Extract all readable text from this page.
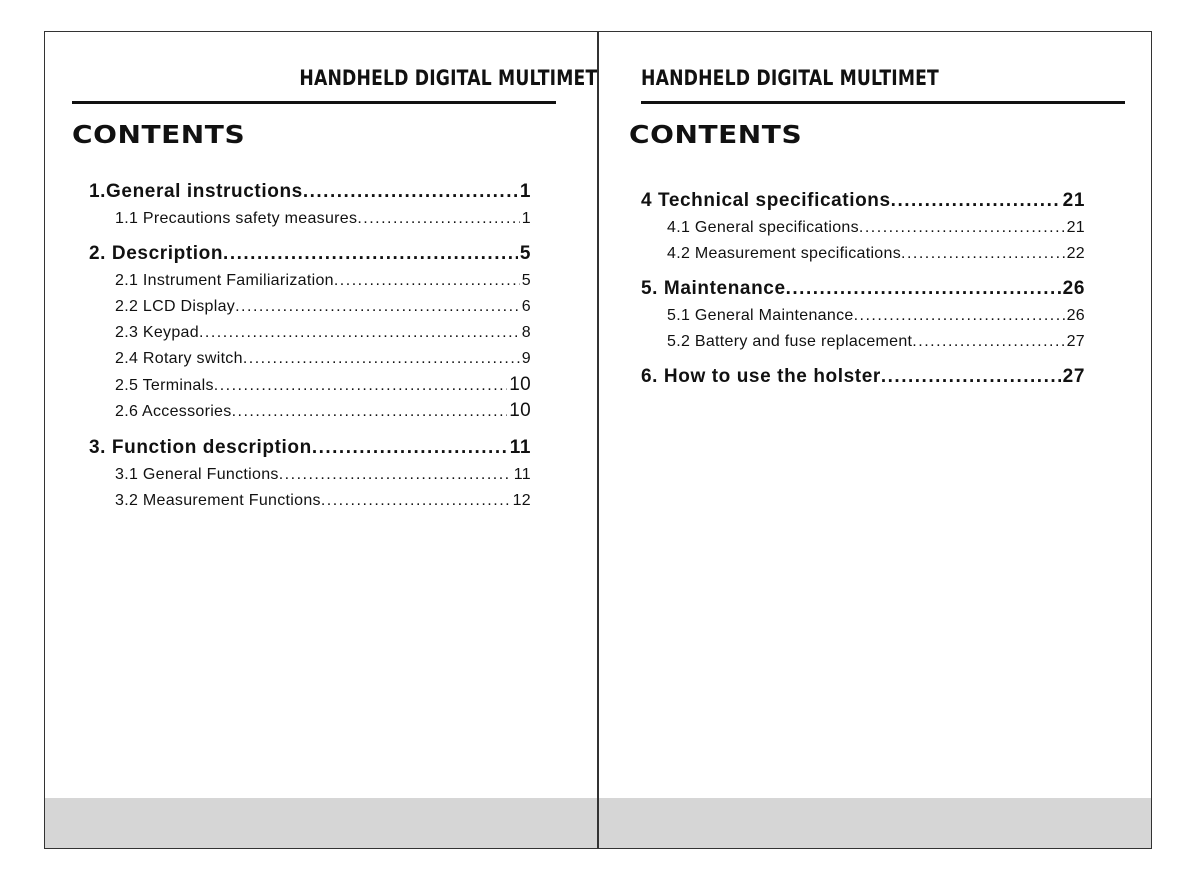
HANDHELD DIGITAL MULTIMET
CONTENTS
1.General instructions .....	1
1.1 Precautions safety measures .....	1
2. Description .....	5
2.1 Instrument Familiarization .....	5
2.2 LCD Display .....	6
2.3 Keypad .....	8
2.4 Rotary switch .....	9
2.5 Terminals .....	10
2.6 Accessories .....	10
3. Function description .....	11
3.1 General Functions .....	11
3.2 Measurement Functions .....	12
HANDHELD DIGITAL MULTIMET
CONTENTS
4 Technical specifications .....	21
4.1 General specifications .....	21
4.2 Measurement specifications .....	22
5. Maintenance .....	26
5.1 General Maintenance .....	26
5.2 Battery and fuse replacement .....	27
6. How to use the holster .....	27
